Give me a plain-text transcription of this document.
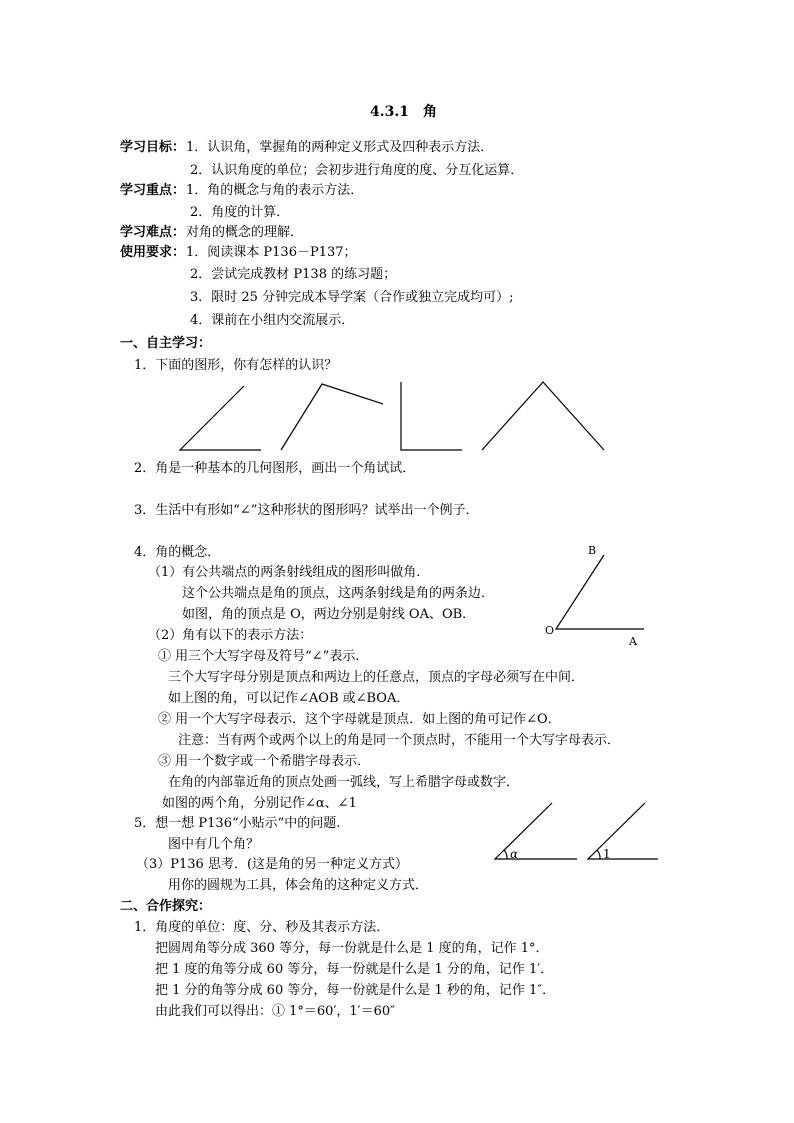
4.3.1　角
学习目标： 1．认识角，掌握角的两种定义形式及四种表示方法．
2．认识角度的单位；会初步进行角度的度、分互化运算．
学习重点： 1．角的概念与角的表示方法．
2．角度的计算．
学习难点： 对角的概念的理解．
使用要求： 1．阅读课本 P136－P137；
2．尝试完成教材 P138 的练习题；
3．限时 25 分钟完成本导学案（合作或独立完成均可）;
4．课前在小组内交流展示．
一、自主学习：
1．下面的图形，你有怎样的认识？
2．角是一种基本的几何图形，画出一个角试试．
3．生活中有形如“∠”这种形状的图形吗？试举出一个例子．
4．角的概念．
（1）有公共端点的两条射线组成的图形叫做角．
这个公共端点是角的顶点，这两条射线是角的两条边．
如图，角的顶点是 O，两边分别是射线 OA、OB．
（2）角有以下的表示方法：
① 用三个大写字母及符号“∠”表示．
三个大写字母分别是顶点和两边上的任意点，顶点的字母必须写在中间．
如上图的角，可以记作∠AOB 或∠BOA．
② 用一个大写字母表示．这个字母就是顶点．如上图的角可记作∠O．
注意：当有两个或两个以上的角是同一个顶点时，不能用一个大写字母表示．
③ 用一个数字或一个希腊字母表示．
在角的内部靠近角的顶点处画一弧线，写上希腊字母或数字．
如图的两个角，分别记作∠α、∠1
5．想一想 P136“小贴示”中的问题.
图中有几个角？
（3）P136 思考．(这是角的另一种定义方式）
用你的圆规为工具，体会角的这种定义方式．
二、合作探究：
1．角度的单位：度、分、秒及其表示方法．
把圆周角等分成 360 等分，每一份就是什么是 1 度的角，记作 1°．
把 1 度的角等分成 60 等分，每一份就是什么是 1 分的角，记作 1′．
把 1 分的角等分成 60 等分，每一份就是什么是 1 秒的角，记作 1″．
由此我们可以得出：① 1°＝60′，1′＝60″
B
O
A
α	1
